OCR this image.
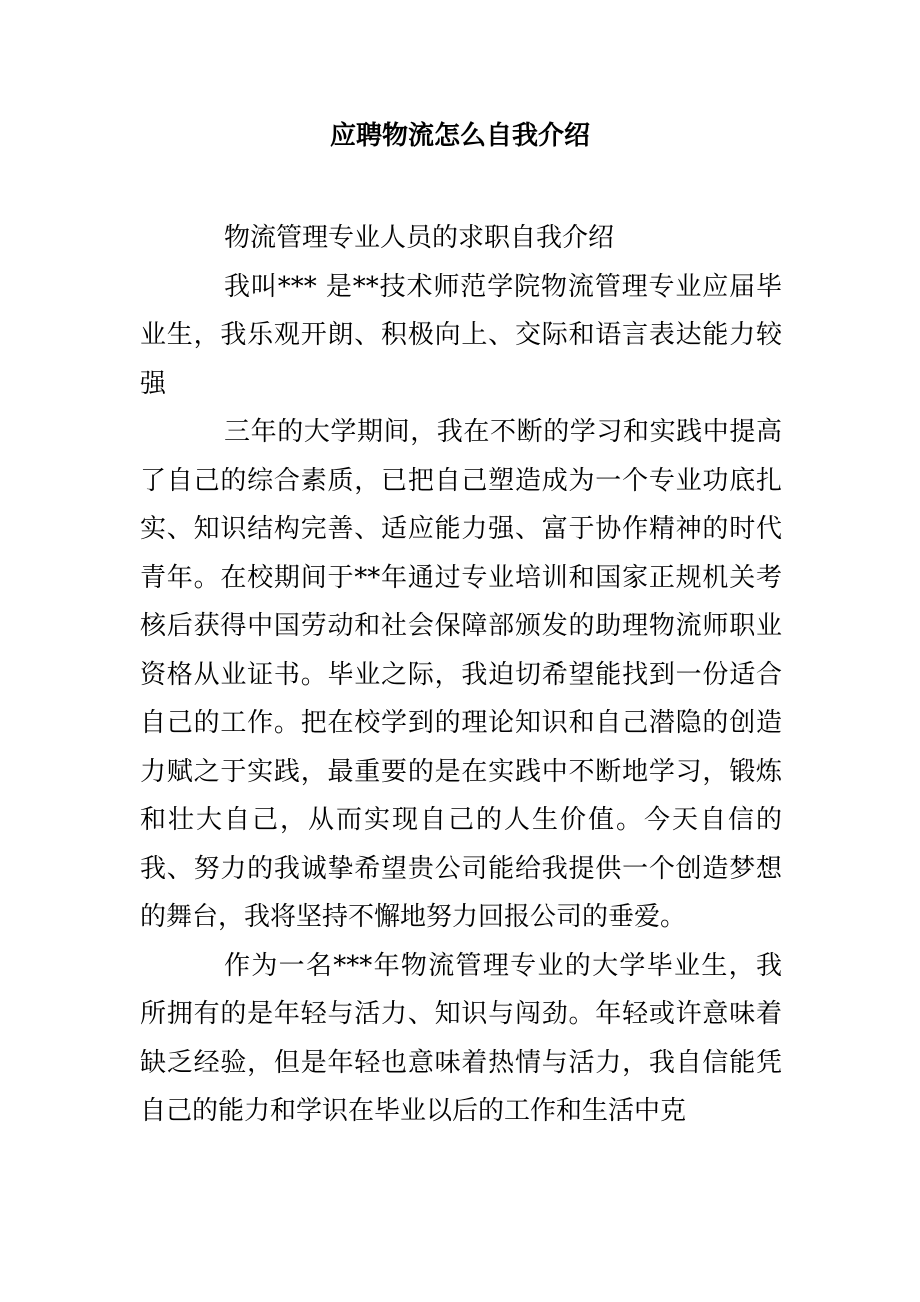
应聘物流怎么自我介绍

物流管理专业人员的求职自我介绍

我叫*** 是**技术师范学院物流管理专业应届毕业生，我乐观开朗、积极向上、交际和语言表达能力较强

三年的大学期间，我在不断的学习和实践中提高了自己的综合素质，已把自己塑造成为一个专业功底扎实、知识结构完善、适应能力强、富于协作精神的时代青年。在校期间于**年通过专业培训和国家正规机关考核后获得中国劳动和社会保障部颁发的助理物流师职业资格从业证书。毕业之际，我迫切希望能找到一份适合自己的工作。把在校学到的理论知识和自己潜隐的创造力赋之于实践，最重要的是在实践中不断地学习，锻炼和壮大自己，从而实现自己的人生价值。今天自信的我、努力的我诚挚希望贵公司能给我提供一个创造梦想的舞台，我将坚持不懈地努力回报公司的垂爱。

作为一名***年物流管理专业的大学毕业生，我所拥有的是年轻与活力、知识与闯劲。年轻或许意味着缺乏经验，但是年轻也意味着热情与活力，我自信能凭自己的能力和学识在毕业以后的工作和生活中克
